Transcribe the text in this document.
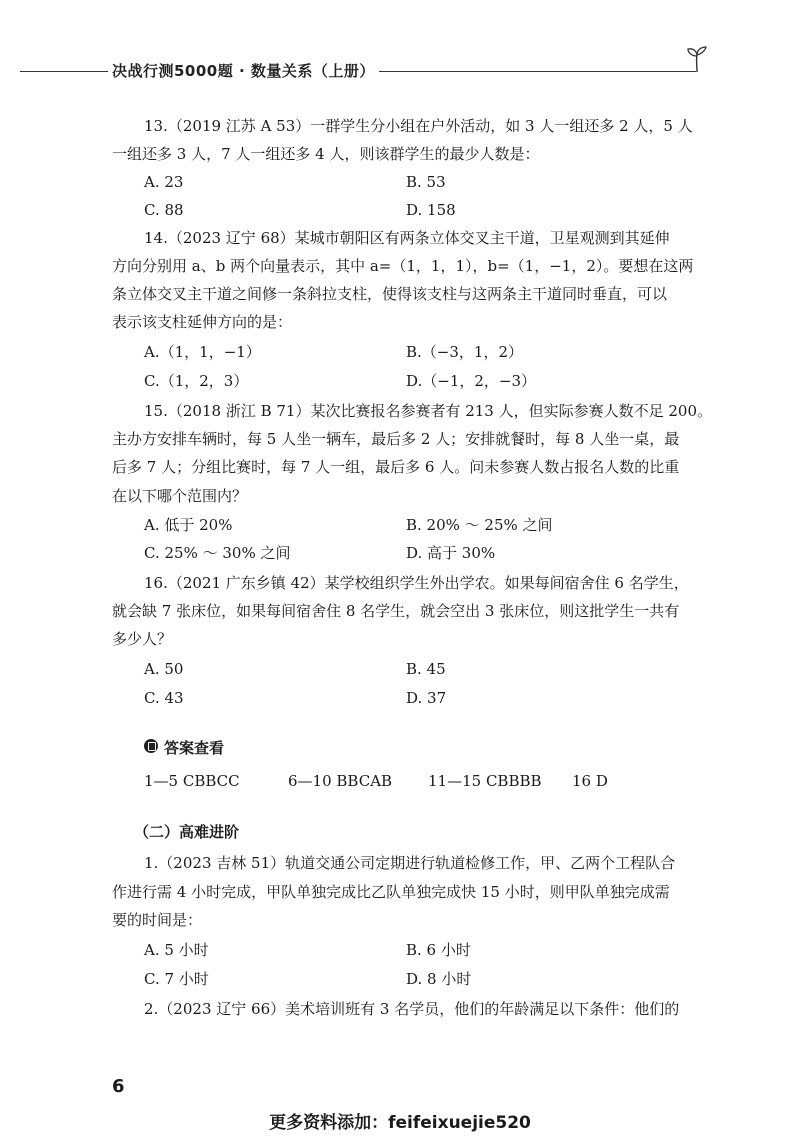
决战行测5000题 · 数量关系（上册）
13.（2019 江苏 A 53）一群学生分小组在户外活动，如 3 人一组还多 2 人，5 人
一组还多 3 人，7 人一组还多 4 人，则该群学生的最少人数是：
A. 23	B. 53
C. 88	D. 158
14.（2023 辽宁 68）某城市朝阳区有两条立体交叉主干道，卫星观测到其延伸
方向分别用 a、b 两个向量表示，其中 a=（1，1，1），b=（1，−1，2）。要想在这两
条立体交叉主干道之间修一条斜拉支柱，使得该支柱与这两条主干道同时垂直，可以
表示该支柱延伸方向的是：
A.（1，1，−1）	B.（−3，1，2）
C.（1，2，3）	D.（−1，2，−3）
15.（2018 浙江 B 71）某次比赛报名参赛者有 213 人，但实际参赛人数不足 200。
主办方安排车辆时，每 5 人坐一辆车，最后多 2 人；安排就餐时，每 8 人坐一桌，最
后多 7 人；分组比赛时，每 7 人一组，最后多 6 人。问未参赛人数占报名人数的比重
在以下哪个范围内？
A. 低于 20%	B. 20% ～ 25% 之间
C. 25% ～ 30% 之间	D. 高于 30%
16.（2021 广东乡镇 42）某学校组织学生外出学农。如果每间宿舍住 6 名学生，
就会缺 7 张床位，如果每间宿舍住 8 名学生，就会空出 3 张床位，则这批学生一共有
多少人？
A. 50	B. 45
C. 43	D. 37
答案查看
1—5 CBBCC	6—10 BBCAB 11—15 CBBBB 16 D
（二）高难进阶
1.（2023 吉林 51）轨道交通公司定期进行轨道检修工作，甲、乙两个工程队合
作进行需 4 小时完成，甲队单独完成比乙队单独完成快 15 小时，则甲队单独完成需
要的时间是：
A. 5 小时	B. 6 小时
C. 7 小时	D. 8 小时
2.（2023 辽宁 66）美术培训班有 3 名学员，他们的年龄满足以下条件：他们的
6
更多资料添加：feifeixuejie520
